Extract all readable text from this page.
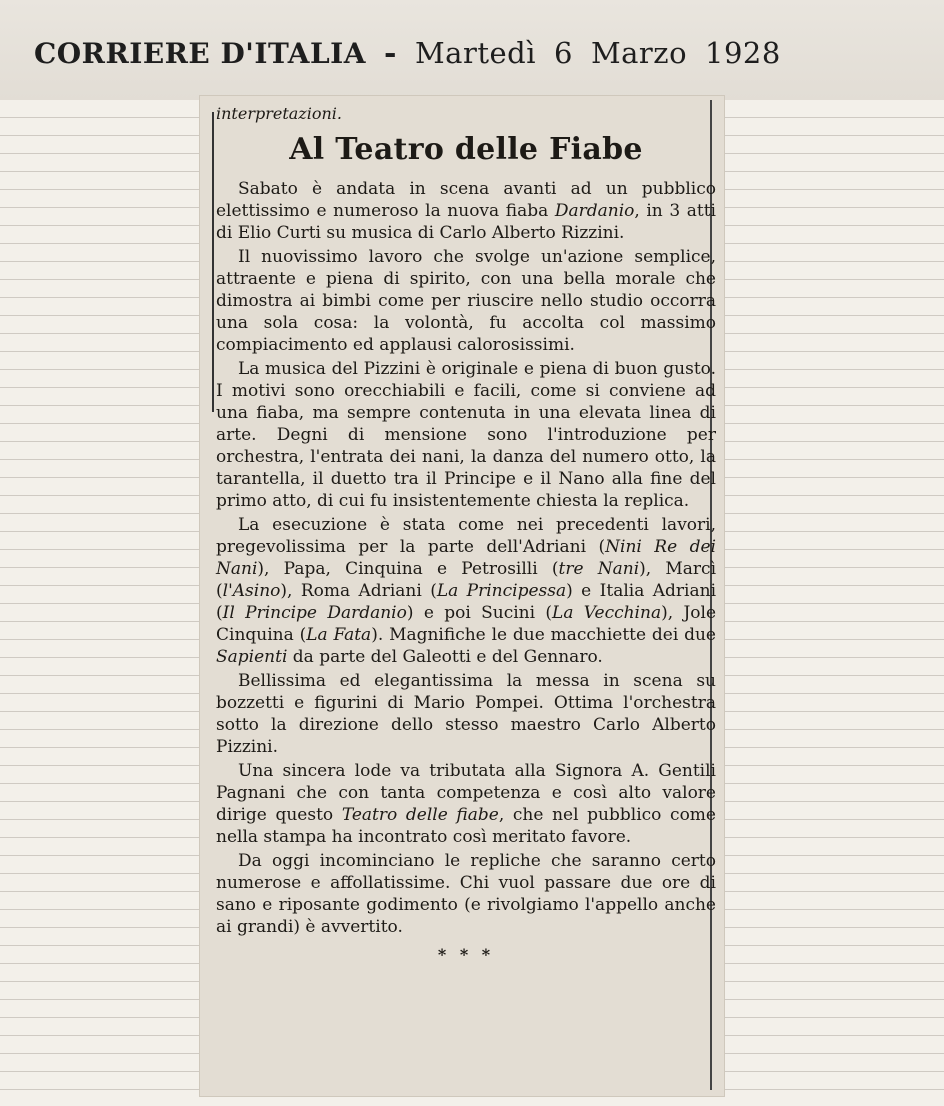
CORRIERE D'ITALIA - Martedì 6 Marzo 1928

interpretazioni.

Al Teatro delle Fiabe

Sabato è andata in scena avanti ad un pubblico elettissimo e numeroso la nuova fiaba Dardanio, in 3 atti di Elio Curti su musica di Carlo Alberto Rizzini.

Il nuovissimo lavoro che svolge un'azione semplice, attraente e piena di spirito, con una bella morale che dimostra ai bimbi come per riuscire nello studio occorra una sola cosa: la volontà, fu accolta col massimo compiacimento ed applausi calorosissimi.

La musica del Pizzini è originale e piena di buon gusto. I motivi sono orecchiabili e facili, come si conviene ad una fiaba, ma sempre contenuta in una elevata linea di arte. Degni di mensione sono l'introduzione per orchestra, l'entrata dei nani, la danza del numero otto, la tarantella, il duetto tra il Principe e il Nano alla fine del primo atto, di cui fu insistentemente chiesta la replica.

La esecuzione è stata come nei precedenti lavori, pregevolissima per la parte dell'Adriani (Nini Re dei Nani), Papa, Cinquina e Petrosilli (tre Nani), Marcì (l'Asino), Roma Adriani (La Principessa) e Italia Adriani (Il Principe Dardanio) e poi Sucini (La Vecchina), Jole Cinquina (La Fata). Magnifiche le due macchiette dei due Sapienti da parte del Galeotti e del Gennaro.

Bellissima ed elegantissima la messa in scena su bozzetti e figurini di Mario Pompei. Ottima l'orchestra sotto la direzione dello stesso maestro Carlo Alberto Pizzini.

Una sincera lode va tributata alla Signora A. Gentili Pagnani che con tanta competenza e così alto valore dirige questo Teatro delle fiabe, che nel pubblico come nella stampa ha incontrato così meritato favore.

Da oggi incominciano le repliche che saranno certo numerose e affollatissime. Chi vuol passare due ore di sano e riposante godimento (e rivolgiamo l'appello anche ai grandi) è avvertito.

* * *
